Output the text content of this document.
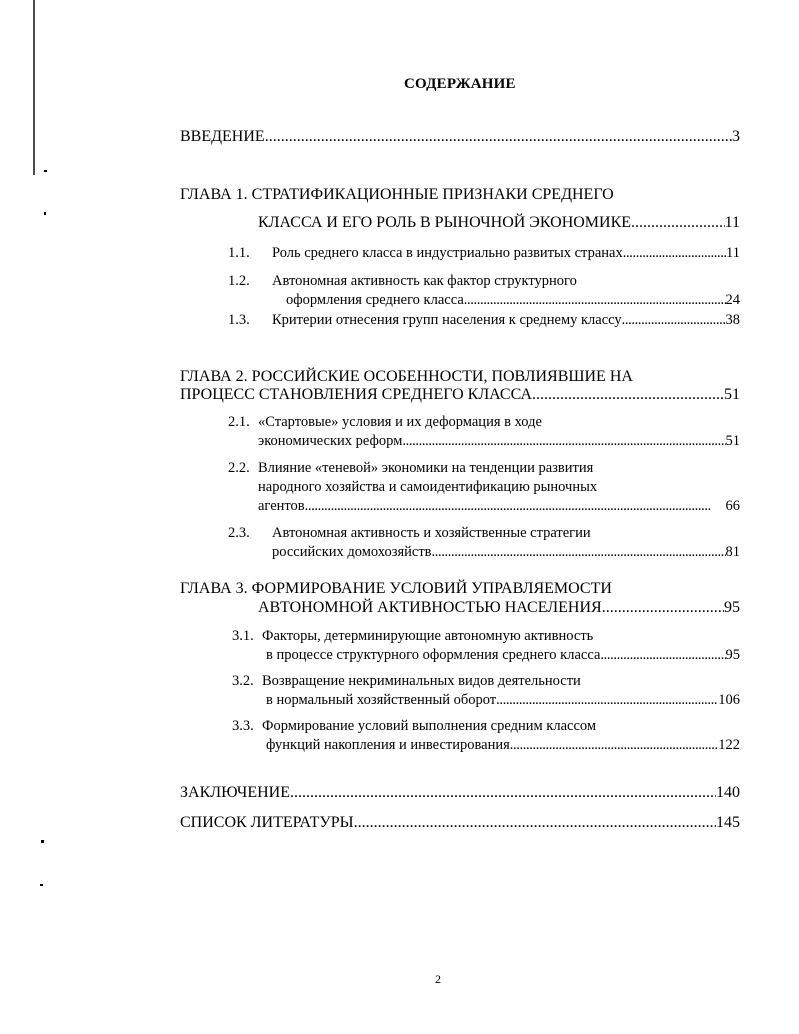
СОДЕРЖАНИЕ
ВВЕДЕНИЕ . . .	3
ГЛАВА 1. СТРАТИФИКАЦИОННЫЕ ПРИЗНАКИ СРЕДНЕГО
КЛАССА И ЕГО РОЛЬ В РЫНОЧНОЙ ЭКОНОМИКЕ . . .	11
1.1. Роль среднего класса в индустриально развитых странах . . .	11
1.2. Автономная активность как фактор структурного
оформления среднего класса . . .	24
1.3. Критерии отнесения групп населения к среднему классу . . .	38
ГЛАВА 2. РОССИЙСКИЕ ОСОБЕННОСТИ, ПОВЛИЯВШИЕ НА
ПРОЦЕСС СТАНОВЛЕНИЯ СРЕДНЕГО КЛАССА . . .	51
2.1. «Стартовые» условия и их деформация в ходе
экономических реформ . . .	51
2.2. Влияние «теневой» экономики на тенденции развития
народного хозяйства и самоидентификацию рыночных
агентов . . .	66
2.3. Автономная активность и хозяйственные стратегии
российских домохозяйств . . .	81
ГЛАВА 3. ФОРМИРОВАНИЕ УСЛОВИЙ УПРАВЛЯЕМОСТИ
АВТОНОМНОЙ АКТИВНОСТЬЮ НАСЕЛЕНИЯ . . .	95
3.1. Факторы, детерминирующие автономную активность
в процессе структурного оформления среднего класса . . .	95
3.2. Возвращение некриминальных видов деятельности
в нормальный хозяйственный оборот . . .	106
3.3. Формирование условий выполнения средним классом
функций накопления и инвестирования . . .	122
ЗАКЛЮЧЕНИЕ . . .	140
СПИСОК ЛИТЕРАТУРЫ . . .	145
2
